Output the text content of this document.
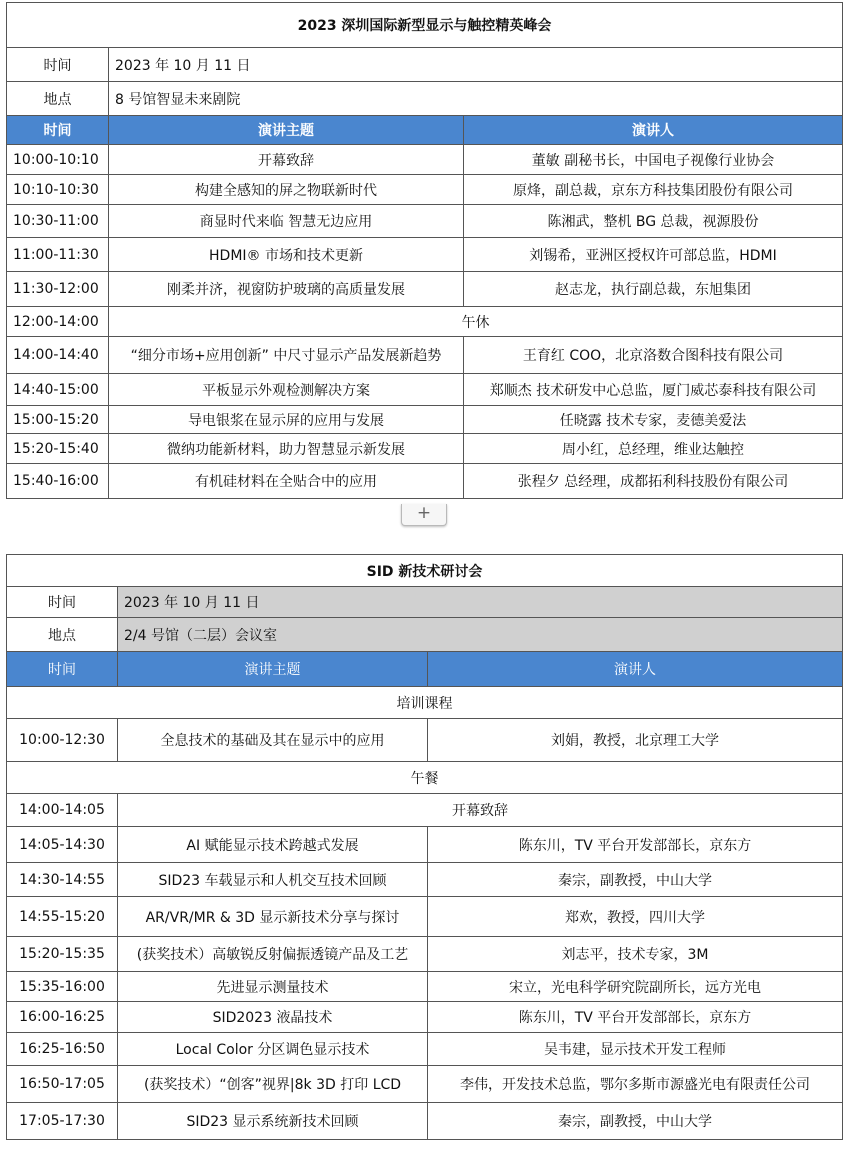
2023 深圳国际新型显示与触控精英峰会		
时间	2023 年 10 月 11 日	
地点	8 号馆智显未来剧院	
时间	演讲主题	演讲人
10:00-10:10	开幕致辞	董敏 副秘书长，中国电子视像行业协会
10:10-10:30	构建全感知的屏之物联新时代	原烽，副总裁，京东方科技集团股份有限公司
10:30-11:00	商显时代来临 智慧无边应用	陈湘武，整机 BG 总裁，视源股份
11:00-11:30	HDMI® 市场和技术更新	刘锡希，亚洲区授权许可部总监，HDMI
11:30-12:00	刚柔并济，视窗防护玻璃的高质量发展	赵志龙，执行副总裁，东旭集团
12:00-14:00	午休	
14:00-14:40	“细分市场+应用创新” 中尺寸显示产品发展新趋势	王育红 COO，北京洛数合图科技有限公司
14:40-15:00	平板显示外观检测解决方案	郑顺杰 技术研发中心总监，厦门威芯泰科技有限公司
15:00-15:20	导电银浆在显示屏的应用与发展	任晓露 技术专家，麦德美爱法
15:20-15:40	微纳功能新材料，助力智慧显示新发展	周小红，总经理，维业达触控
15:40-16:00	有机硅材料在全贴合中的应用	张程夕 总经理，成都拓利科技股份有限公司
+
SID 新技术研讨会		
时间	2023 年 10 月 11 日	
地点	2/4 号馆（二层）会议室	
时间	演讲主题	演讲人
培训课程		
10:00-12:30	全息技术的基础及其在显示中的应用	刘娟，教授，北京理工大学
午餐		
14:00-14:05	开幕致辞	
14:05-14:30	AI 赋能显示技术跨越式发展	陈东川，TV 平台开发部部长，京东方
14:30-14:55	SID23 车载显示和人机交互技术回顾	秦宗，副教授，中山大学
14:55-15:20	AR/VR/MR & 3D 显示新技术分享与探讨	郑欢，教授，四川大学
15:20-15:35	(获奖技术）高敏锐反射偏振透镜产品及工艺	刘志平，技术专家，3M
15:35-16:00	先进显示测量技术	宋立，光电科学研究院副所长，远方光电
16:00-16:25	SID2023 液晶技术	陈东川，TV 平台开发部部长，京东方
16:25-16:50	Local Color 分区调色显示技术	吴韦建，显示技术开发工程师
16:50-17:05	(获奖技术）“创客”视界|8k 3D 打印 LCD	李伟，开发技术总监，鄂尔多斯市源盛光电有限责任公司
17:05-17:30	SID23 显示系统新技术回顾	秦宗，副教授，中山大学
